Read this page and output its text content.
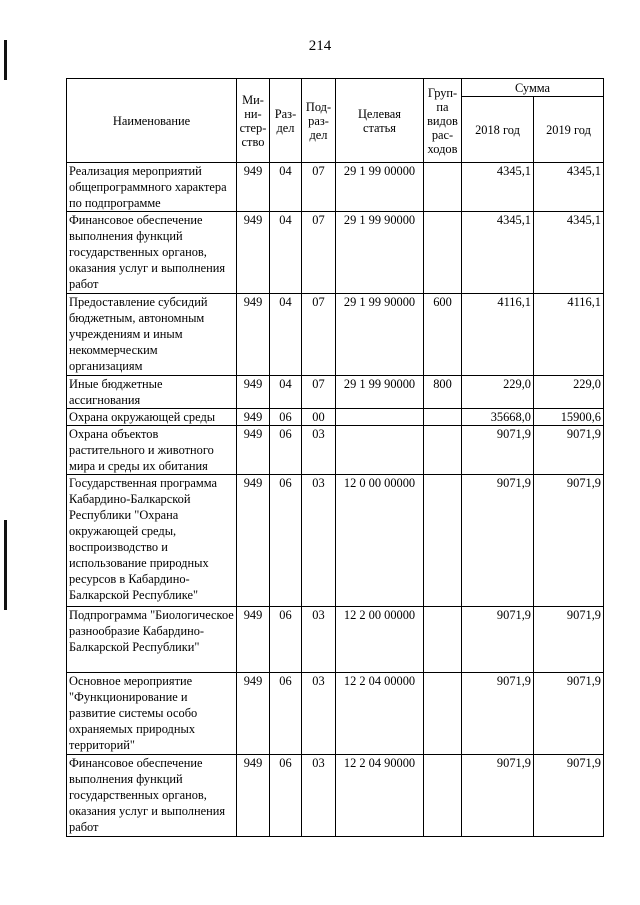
214
Наименование	Ми-
ни-
стер-
ство	Раз-
дел	Под-
раз-
дел	Целевая
статья	Груп-
па
видов
рас-
ходов	Сумма	
						2018 год	2019 год
Реализация мероприятий общепрограммного характера по подпрограмме	949	04	07	29 1 99 00000		4345,1	4345,1
Финансовое обеспечение выполнения функций государственных органов, оказания услуг и выполнения работ	949	04	07	29 1 99 90000		4345,1	4345,1
Предоставление субсидий бюджетным, автономным учреждениям и иным некоммерческим организациям	949	04	07	29 1 99 90000	600	4116,1	4116,1
Иные бюджетные ассигнования	949	04	07	29 1 99 90000	800	229,0	229,0
Охрана окружающей среды	949	06	00			35668,0	15900,6
Охрана объектов растительного и животного мира и среды их обитания	949	06	03			9071,9	9071,9
Государственная программа Кабардино-Балкарской Республики "Охрана окружающей среды, воспроизводство и использование природных ресурсов в Кабардино-Балкарской Республике"	949	06	03	12 0 00 00000		9071,9	9071,9
Подпрограмма "Биологическое разнообразие Кабардино-Балкарской Республики"	949	06	03	12 2 00 00000		9071,9	9071,9
Основное мероприятие "Функционирование и развитие системы особо охраняемых природных территорий"	949	06	03	12 2 04 00000		9071,9	9071,9
Финансовое обеспечение выполнения функций государственных органов, оказания услуг и выполнения работ	949	06	03	12 2 04 90000		9071,9	9071,9
